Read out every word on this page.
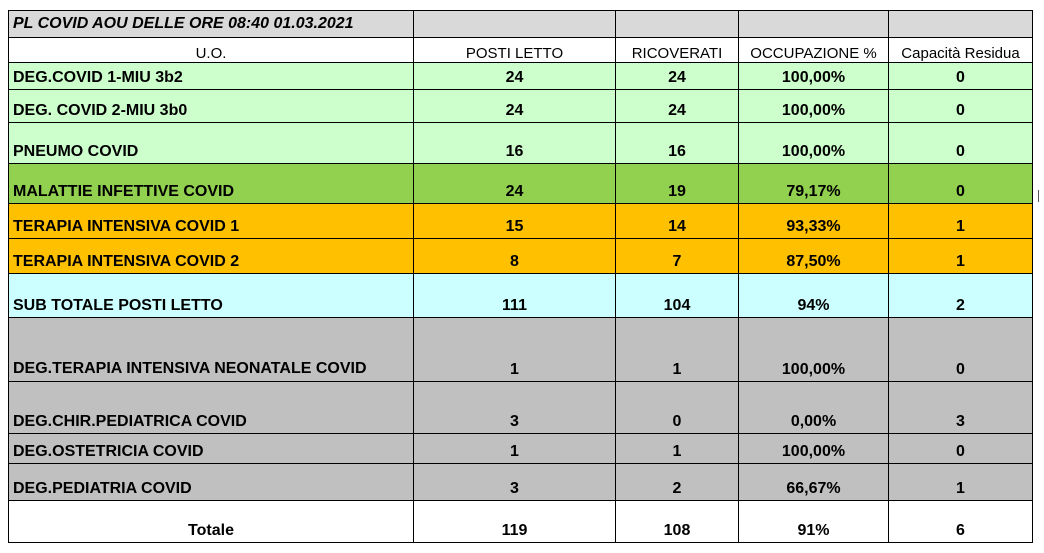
PL COVID AOU DELLE ORE 08:40 01.03.2021				
U.O.	POSTI LETTO	RICOVERATI	OCCUPAZIONE %	Capacità Residua
DEG.COVID 1-MIU 3b2	24	24	100,00%	0
DEG. COVID 2-MIU 3b0	24	24	100,00%	0
PNEUMO COVID	16	16	100,00%	0
MALATTIE INFETTIVE COVID	24	19	79,17%	0
TERAPIA INTENSIVA COVID 1	15	14	93,33%	1
TERAPIA INTENSIVA COVID 2	8	7	87,50%	1
SUB TOTALE POSTI LETTO	111	104	94%	2
DEG.TERAPIA INTENSIVA NEONATALE COVID	1	1	100,00%	0
DEG.CHIR.PEDIATRICA COVID	3	0	0,00%	3
DEG.OSTETRICIA COVID	1	1	100,00%	0
DEG.PEDIATRIA COVID	3	2	66,67%	1
Totale	119	108	91%	6
